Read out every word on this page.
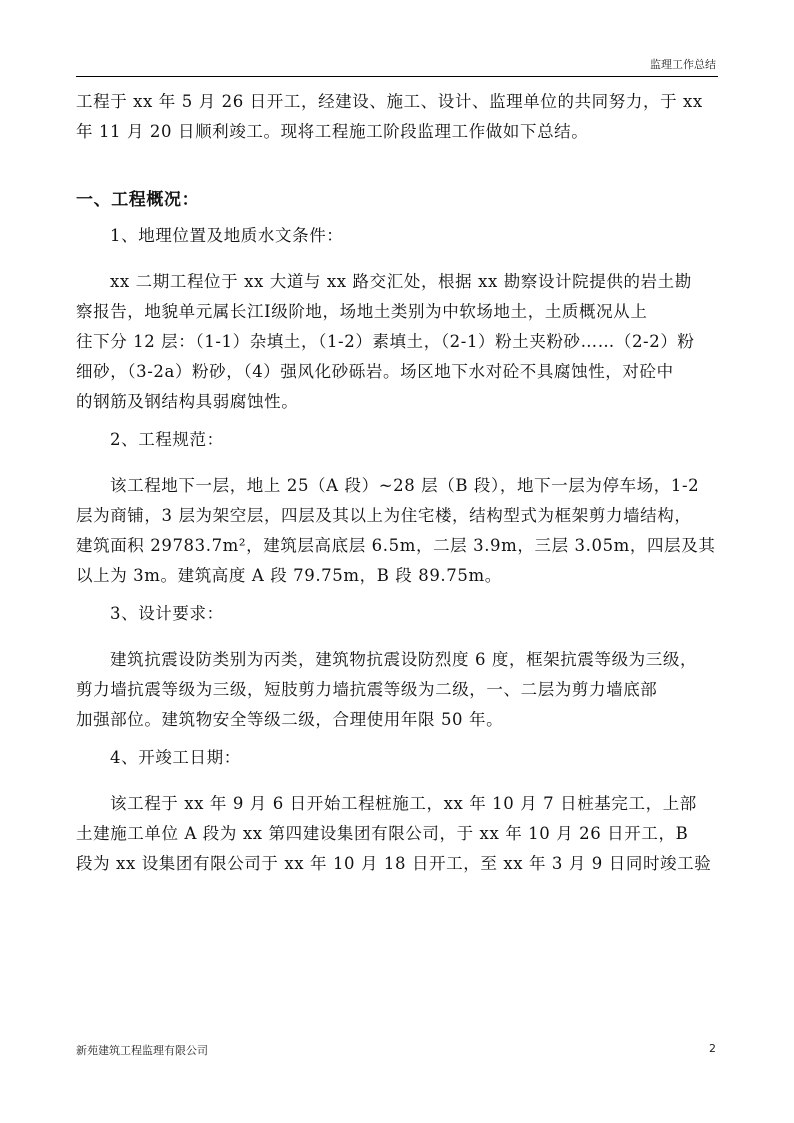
监理工作总结

工程于 xx 年 5 月 26 日开工，经建设、施工、设计、监理单位的共同努力，于 xx
年 11 月 20 日顺利竣工。现将工程施工阶段监理工作做如下总结。

一、工程概况：
1、地理位置及地质水文条件：

xx 二期工程位于 xx 大道与 xx 路交汇处，根据 xx 勘察设计院提供的岩土勘
察报告，地貌单元属长江Ⅰ级阶地，场地土类别为中软场地土，土质概况从上
往下分 12 层：（1-1）杂填土，（1-2）素填土，（2-1）粉土夹粉砂……（2-2）粉
细砂，（3-2a）粉砂，（4）强风化砂砾岩。场区地下水对砼不具腐蚀性，对砼中
的钢筋及钢结构具弱腐蚀性。

2、工程规范：

该工程地下一层，地上 25（A 段）~28 层（B 段），地下一层为停车场，1-2
层为商铺，3 层为架空层，四层及其以上为住宅楼，结构型式为框架剪力墙结构，
建筑面积 29783.7m²，建筑层高底层 6.5m，二层 3.9m，三层 3.05m，四层及其
以上为 3m。建筑高度 A 段 79.75m，B 段 89.75m。

3、设计要求：

建筑抗震设防类别为丙类，建筑物抗震设防烈度 6 度，框架抗震等级为三级，
剪力墙抗震等级为三级，短肢剪力墙抗震等级为二级，一、二层为剪力墙底部
加强部位。建筑物安全等级二级，合理使用年限 50 年。

4、开竣工日期：

该工程于 xx 年 9 月 6 日开始工程桩施工，xx 年 10 月 7 日桩基完工，上部
土建施工单位 A 段为 xx 第四建设集团有限公司，于 xx 年 10 月 26 日开工，B
段为 xx 设集团有限公司于 xx 年 10 月 18 日开工，至 xx 年 3 月 9 日同时竣工验

新苑建筑工程监理有限公司	2
